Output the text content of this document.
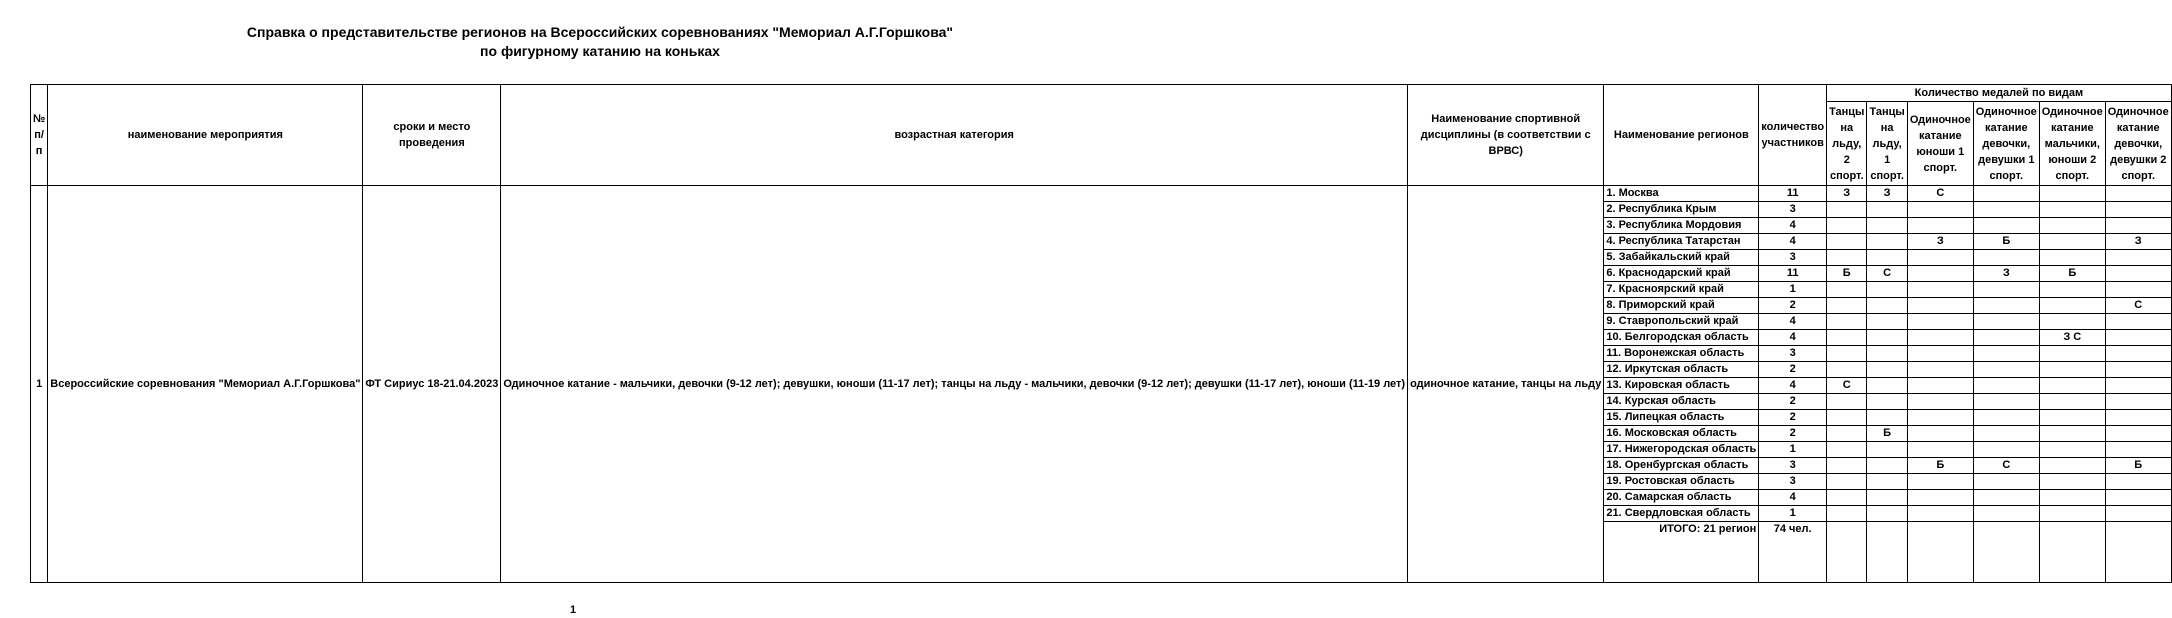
Справка о представительстве регионов на Всероссийских соревнованиях "Мемориал А.Г.Горшкова"
по фигурному катанию на коньках
№ п/п	наименование мероприятия	сроки и место проведения	возрастная категория	Наименование спортивной дисциплины (в соответствии с ВРВС)	Наименование регионов	количество участников	Количество медалей по видам					
							Танцы на льду, 2 спорт.	Танцы на льду, 1 спорт.	Одиночное катание юноши 1 спорт.	Одиночное катание девочки, девушки 1 спорт.	Одиночное катание мальчики, юноши 2 спорт.	Одиночное катание девочки, девушки 2 спорт.
1	Всероссийские соревнования "Мемориал А.Г.Горшкова"	ФТ Сириус 18-21.04.2023	Одиночное катание - мальчики, девочки (9-12 лет); девушки, юноши (11-17 лет); танцы на льду - мальчики, девочки (9-12 лет); девушки (11-17 лет), юноши (11-19 лет)	одиночное катание, танцы на льду	1. Москва	11	З	З	С			
					2. Республика Крым	3						
					3. Республика Мордовия	4						
					4. Республика Татарстан	4			З	Б		З
					5. Забайкальский край	3						
					6. Краснодарский край	11	Б	С		З	Б	
					7. Красноярский край	1						
					8. Приморский край	2						С
					9. Ставропольский край	4						
					10. Белгородская область	4					З С	
					11. Воронежская область	3						
					12. Иркутская область	2						
					13. Кировская область	4	С					
					14. Курская область	2						
					15. Липецкая область	2						
					16. Московская область	2		Б				
					17. Нижегородская область	1						
					18. Оренбургская область	3			Б	С		Б
					19. Ростовская область	3						
					20. Самарская область	4						
					21. Свердловская область	1						
					ИТОГО: 21 регион	74 чел.						
1
